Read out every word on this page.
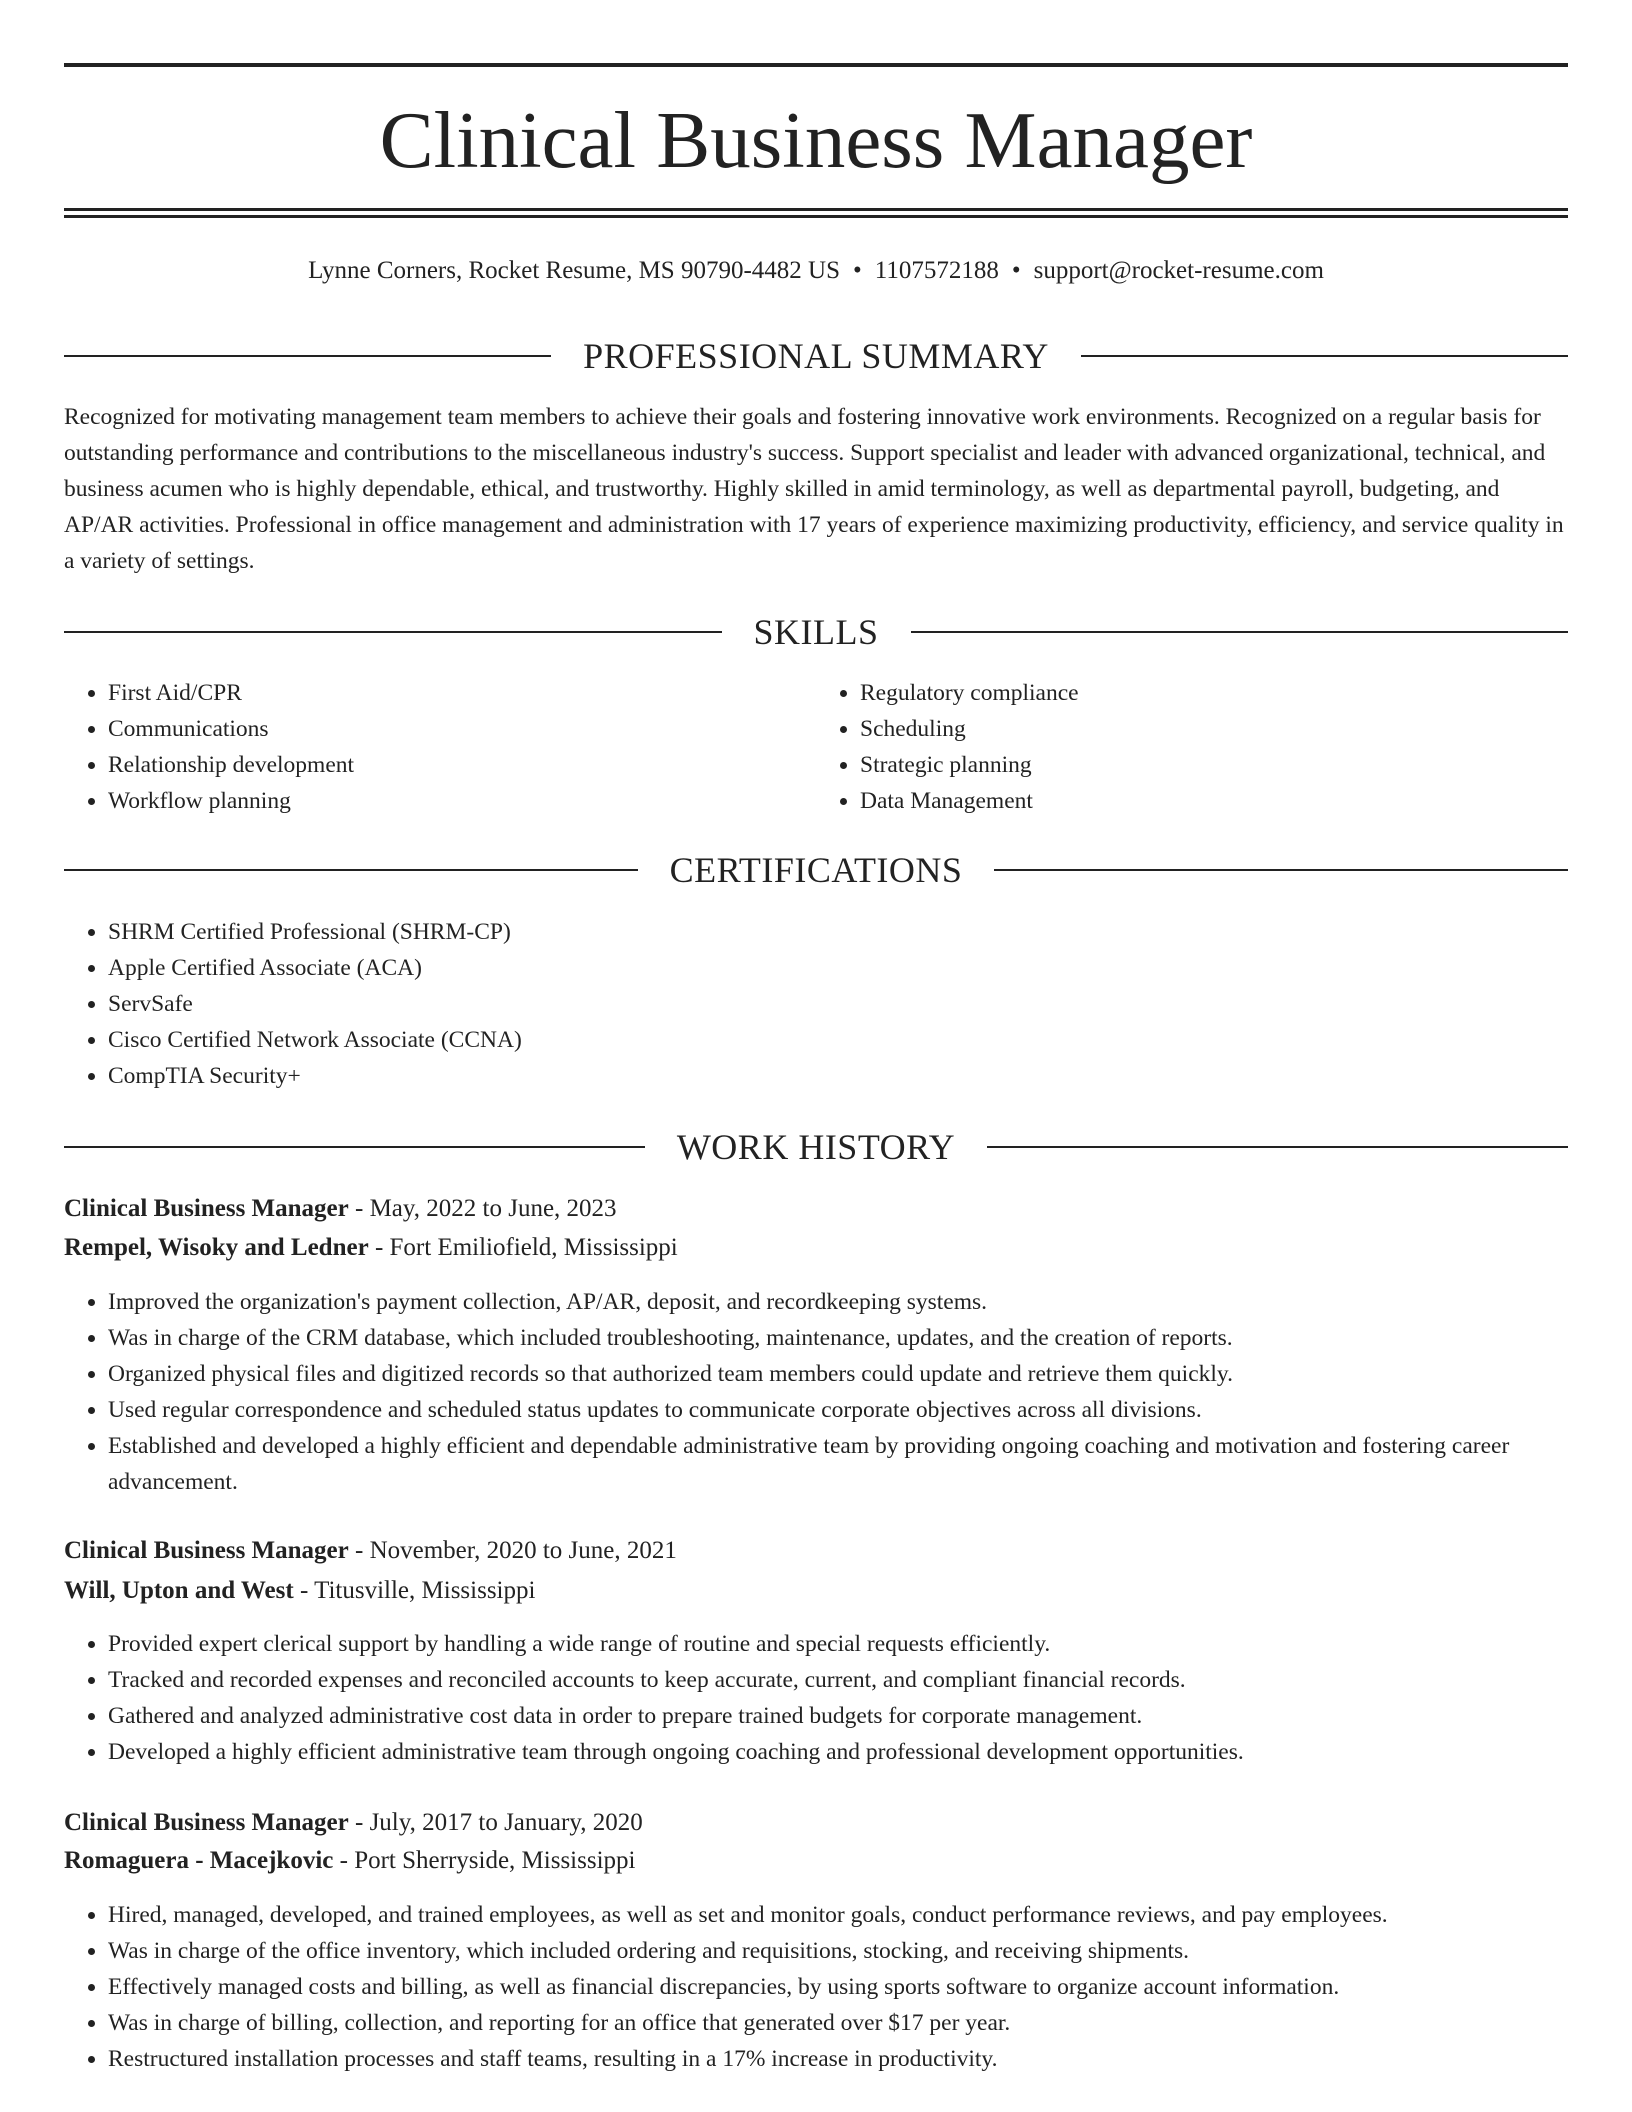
Clinical Business Manager
Lynne Corners, Rocket Resume, MS 90790-4482 US • 1107572188 • support@rocket-resume.com
PROFESSIONAL SUMMARY

Recognized for motivating management team members to achieve their goals and fostering innovative work environments. Recognized on a regular basis for outstanding performance and contributions to the miscellaneous industry's success. Support specialist and leader with advanced organizational, technical, and business acumen who is highly dependable, ethical, and trustworthy. Highly skilled in amid terminology, as well as departmental payroll, budgeting, and AP/AR activities. Professional in office management and administration with 17 years of experience maximizing productivity, efficiency, and service quality in a variety of settings.

SKILLS
• First Aid/CPR
• Communications
• Relationship development
• Workflow planning
• Regulatory compliance
• Scheduling
• Strategic planning
• Data Management
CERTIFICATIONS
• SHRM Certified Professional (SHRM-CP)
• Apple Certified Associate (ACA)
• ServSafe
• Cisco Certified Network Associate (CCNA)
• CompTIA Security+
WORK HISTORY
Clinical Business Manager - May, 2022 to June, 2023
Rempel, Wisoky and Ledner - Fort Emiliofield, Mississippi
• Improved the organization's payment collection, AP/AR, deposit, and recordkeeping systems.
• Was in charge of the CRM database, which included troubleshooting, maintenance, updates, and the creation of reports.
• Organized physical files and digitized records so that authorized team members could update and retrieve them quickly.
• Used regular correspondence and scheduled status updates to communicate corporate objectives across all divisions.
• Established and developed a highly efficient and dependable administrative team by providing ongoing coaching and motivation and fostering career advancement.
Clinical Business Manager - November, 2020 to June, 2021
Will, Upton and West - Titusville, Mississippi
• Provided expert clerical support by handling a wide range of routine and special requests efficiently.
• Tracked and recorded expenses and reconciled accounts to keep accurate, current, and compliant financial records.
• Gathered and analyzed administrative cost data in order to prepare trained budgets for corporate management.
• Developed a highly efficient administrative team through ongoing coaching and professional development opportunities.
Clinical Business Manager - July, 2017 to January, 2020
Romaguera - Macejkovic - Port Sherryside, Mississippi
• Hired, managed, developed, and trained employees, as well as set and monitor goals, conduct performance reviews, and pay employees.
• Was in charge of the office inventory, which included ordering and requisitions, stocking, and receiving shipments.
• Effectively managed costs and billing, as well as financial discrepancies, by using sports software to organize account information.
• Was in charge of billing, collection, and reporting for an office that generated over $17 per year.
• Restructured installation processes and staff teams, resulting in a 17% increase in productivity.
